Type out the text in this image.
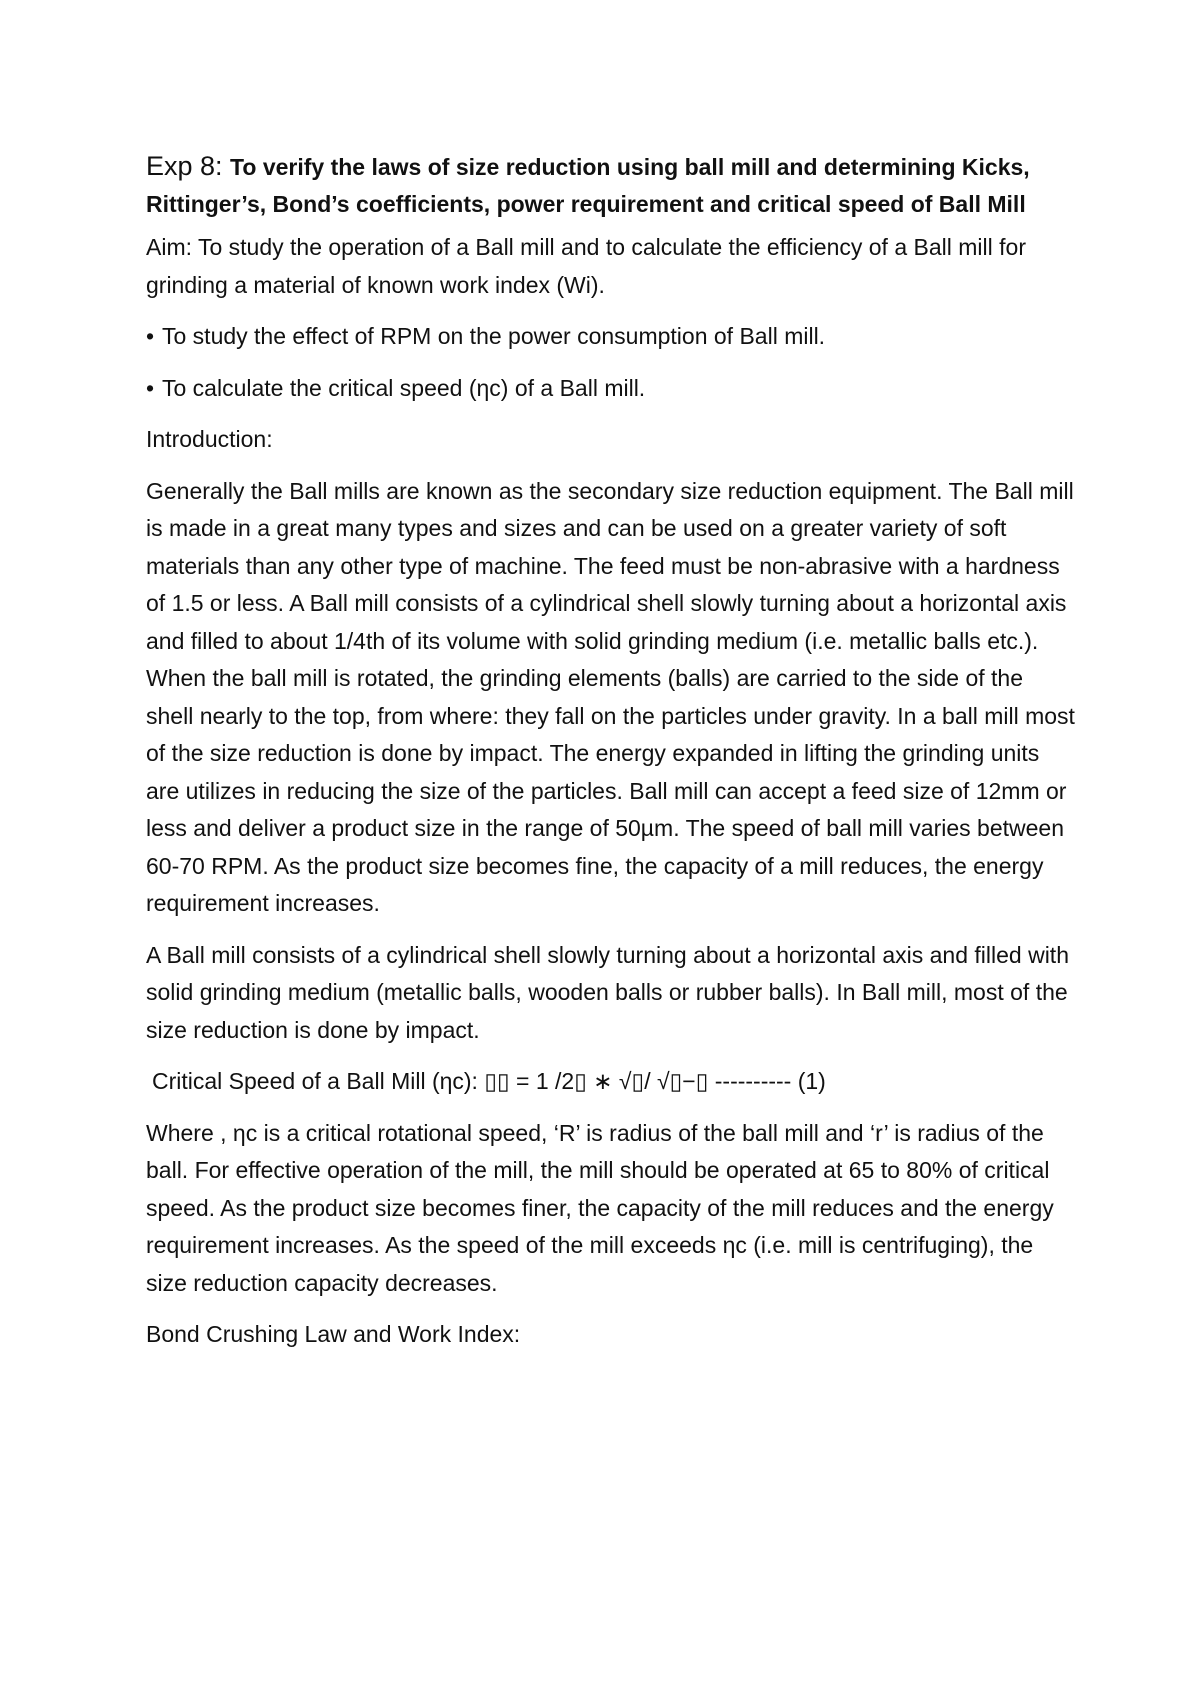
Exp 8: To verify the laws of size reduction using ball mill and determining Kicks, Rittinger’s, Bond’s coefficients, power requirement and critical speed of Ball Mill

Aim: To study the operation of a Ball mill and to calculate the efficiency of a Ball mill for grinding a material of known work index (Wi).

• To study the effect of RPM on the power consumption of Ball mill.

• To calculate the critical speed (ηc) of a Ball mill.

Introduction:

Generally the Ball mills are known as the secondary size reduction equipment. The Ball mill is made in a great many types and sizes and can be used on a greater variety of soft materials than any other type of machine. The feed must be non-abrasive with a hardness of 1.5 or less. A Ball mill consists of a cylindrical shell slowly turning about a horizontal axis and filled to about 1/4th of its volume with solid grinding medium (i.e. metallic balls etc.). When the ball mill is rotated, the grinding elements (balls) are carried to the side of the shell nearly to the top, from where: they fall on the particles under gravity. In a ball mill most of the size reduction is done by impact. The energy expanded in lifting the grinding units are utilizes in reducing the size of the particles. Ball mill can accept a feed size of 12mm or less and deliver a product size in the range of 50µm. The speed of ball mill varies between 60-70 RPM. As the product size becomes fine, the capacity of a mill reduces, the energy requirement increases.

A Ball mill consists of a cylindrical shell slowly turning about a horizontal axis and filled with solid grinding medium (metallic balls, wooden balls or rubber balls). In Ball mill, most of the size reduction is done by impact.

Critical Speed of a Ball Mill (ηc): ▯▯ = 1 /2▯ ∗ √▯/ √▯−▯ ---------- (1)

Where , ηc is a critical rotational speed, ‘R’ is radius of the ball mill and ‘r’ is radius of the ball. For effective operation of the mill, the mill should be operated at 65 to 80% of critical speed. As the product size becomes finer, the capacity of the mill reduces and the energy requirement increases. As the speed of the mill exceeds ηc (i.e. mill is centrifuging), the size reduction capacity decreases.

Bond Crushing Law and Work Index:
